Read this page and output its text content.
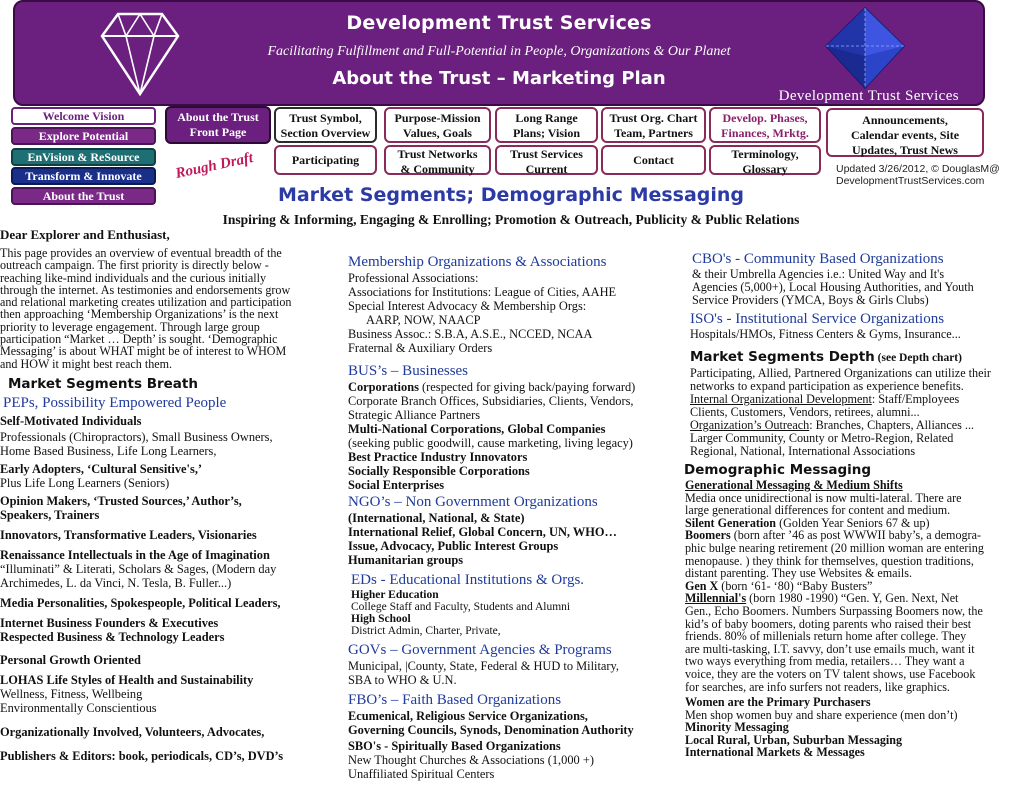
Development Trust Services
Facilitating Fulfillment and Full-Potential in People, Organizations & Our Planet
About the Trust – Marketing Plan
Development Trust Services
Welcome Vision
Explore Potential
EnVision & ReSource
Transform & Innovate
About the Trust
About the Trust
Front Page
Trust Symbol,
Section Overview
Purpose-Mission
Values, Goals
Long Range
Plans; Vision
Trust Org. Chart
Team, Partners
Develop. Phases,
Finances, Mrktg.
Announcements,
Calendar events, Site
Updates, Trust News
Participating	Trust Networks
& Community
Trust Services
Current
Contact	Terminology,
Glossary
Rough Draft	Updated 3/26/2012, © DouglasM@
DevelopmentTrustServices.com
Market Segments; Demographic Messaging
Inspiring & Informing, Engaging & Enrolling; Promotion & Outreach, Publicity & Public Relations

Dear Explorer and Enthusiast,

This page provides an overview of eventual breadth of the

outreach campaign. The first priority is directly below -

reaching like-mind individuals and the curious initially

through the internet. As testimonies and endorsements grow

and relational marketing creates utilization and participation

then approaching ‘Membership Organizations’ is the next

priority to leverage engagement. Through large group

participation “Market … Depth’ is sought. ‘Demographic

Messaging’ is about WHAT might be of interest to WHOM

and HOW it might best reach them.

Market Segments Breath

PEPs, Possibility Empowered People

Self-Motivated Individuals

Professionals (Chiropractors), Small Business Owners,

Home Based Business, Life Long Learners,

Early Adopters, ‘Cultural Sensitive's,’

Plus Life Long Learners (Seniors)

Opinion Makers, ‘Trusted Sources,’ Author’s,

Speakers, Trainers

Innovators, Transformative Leaders, Visionaries

Renaissance Intellectuals in the Age of Imagination

“Illuminati” & Literati, Scholars & Sages, (Modern day

Archimedes, L. da Vinci, N. Tesla, B. Fuller...)

Media Personalities, Spokespeople, Political Leaders,

Internet Business Founders & Executives

Respected Business & Technology Leaders

Personal Growth Oriented

LOHAS Life Styles of Health and Sustainability

Wellness, Fitness, Wellbeing

Environmentally Conscientious

Organizationally Involved, Volunteers, Advocates,

Publishers & Editors: book, periodicals, CD’s, DVD’s

Membership Organizations & Associations

Professional Associations:

Associations for Institutions: League of Cities, AAHE

Special Interest Advocacy & Membership Orgs:

AARP, NOW, NAACP

Business Assoc.: S.B.A, A.S.E., NCCED, NCAA

Fraternal & Auxiliary Orders

BUS’s – Businesses

Corporations (respected for giving back/paying forward)

Corporate Branch Offices, Subsidiaries, Clients, Vendors,

Strategic Alliance Partners

Multi-National Corporations, Global Companies

(seeking public goodwill, cause marketing, living legacy)

Best Practice Industry Innovators

Socially Responsible Corporations

Social Enterprises

NGO’s – Non Government Organizations

(International, National, & State)

International Relief, Global Concern, UN, WHO…

Issue, Advocacy, Public Interest Groups

Humanitarian groups

EDs - Educational Institutions & Orgs.

Higher Education

College Staff and Faculty, Students and Alumni

High School

District Admin, Charter, Private,

GOVs – Government Agencies & Programs

Municipal, |County, State, Federal & HUD to Military,

SBA to WHO & U.N.

FBO’s – Faith Based Organizations

Ecumenical, Religious Service Organizations,

Governing Councils, Synods, Denomination Authority

SBO's - Spiritually Based Organizations

New Thought Churches & Associations (1,000 +)

Unaffiliated Spiritual Centers

CBO's - Community Based Organizations

& their Umbrella Agencies i.e.: United Way and It's

Agencies (5,000+), Local Housing Authorities, and Youth

Service Providers (YMCA, Boys & Girls Clubs)

ISO's - Institutional Service Organizations

Hospitals/HMOs, Fitness Centers & Gyms, Insurance...

Market Segments Depth (see Depth chart)

Participating, Allied, Partnered Organizations can utilize their

networks to expand participation as experience benefits.

Internal Organizational Development: Staff/Employees

Clients, Customers, Vendors, retirees, alumni...

Organization’s Outreach: Branches, Chapters, Alliances ...

Larger Community, County or Metro-Region, Related

Regional, National, International Associations

Demographic Messaging

Generational Messaging & Medium Shifts

Media once unidirectional is now multi-lateral. There are

large generational differences for content and medium.

Silent Generation (Golden Year Seniors 67 & up)

Boomers (born after ’46 as post WWWII baby’s, a demogra-

phic bulge nearing retirement (20 million woman are entering

menopause. ) they think for themselves, question traditions,

distant parenting. They use Websites & emails.

Gen X (born ‘61- ‘80) “Baby Busters”

Millennial's (born 1980 -1990) “Gen. Y, Gen. Next, Net

Gen., Echo Boomers. Numbers Surpassing Boomers now, the

kid’s of baby boomers, doting parents who raised their best

friends. 80% of millenials return home after college. They

are multi-tasking, I.T. savvy, don’t use emails much, want it

two ways everything from media, retailers… They want a

voice, they are the voters on TV talent shows, use Facebook

for searches, are info surfers not readers, like graphics.

Women are the Primary Purchasers

Men shop women buy and share experience (men don’t)

Minority Messaging

Local Rural, Urban, Suburban Messaging

International Markets & Messages
